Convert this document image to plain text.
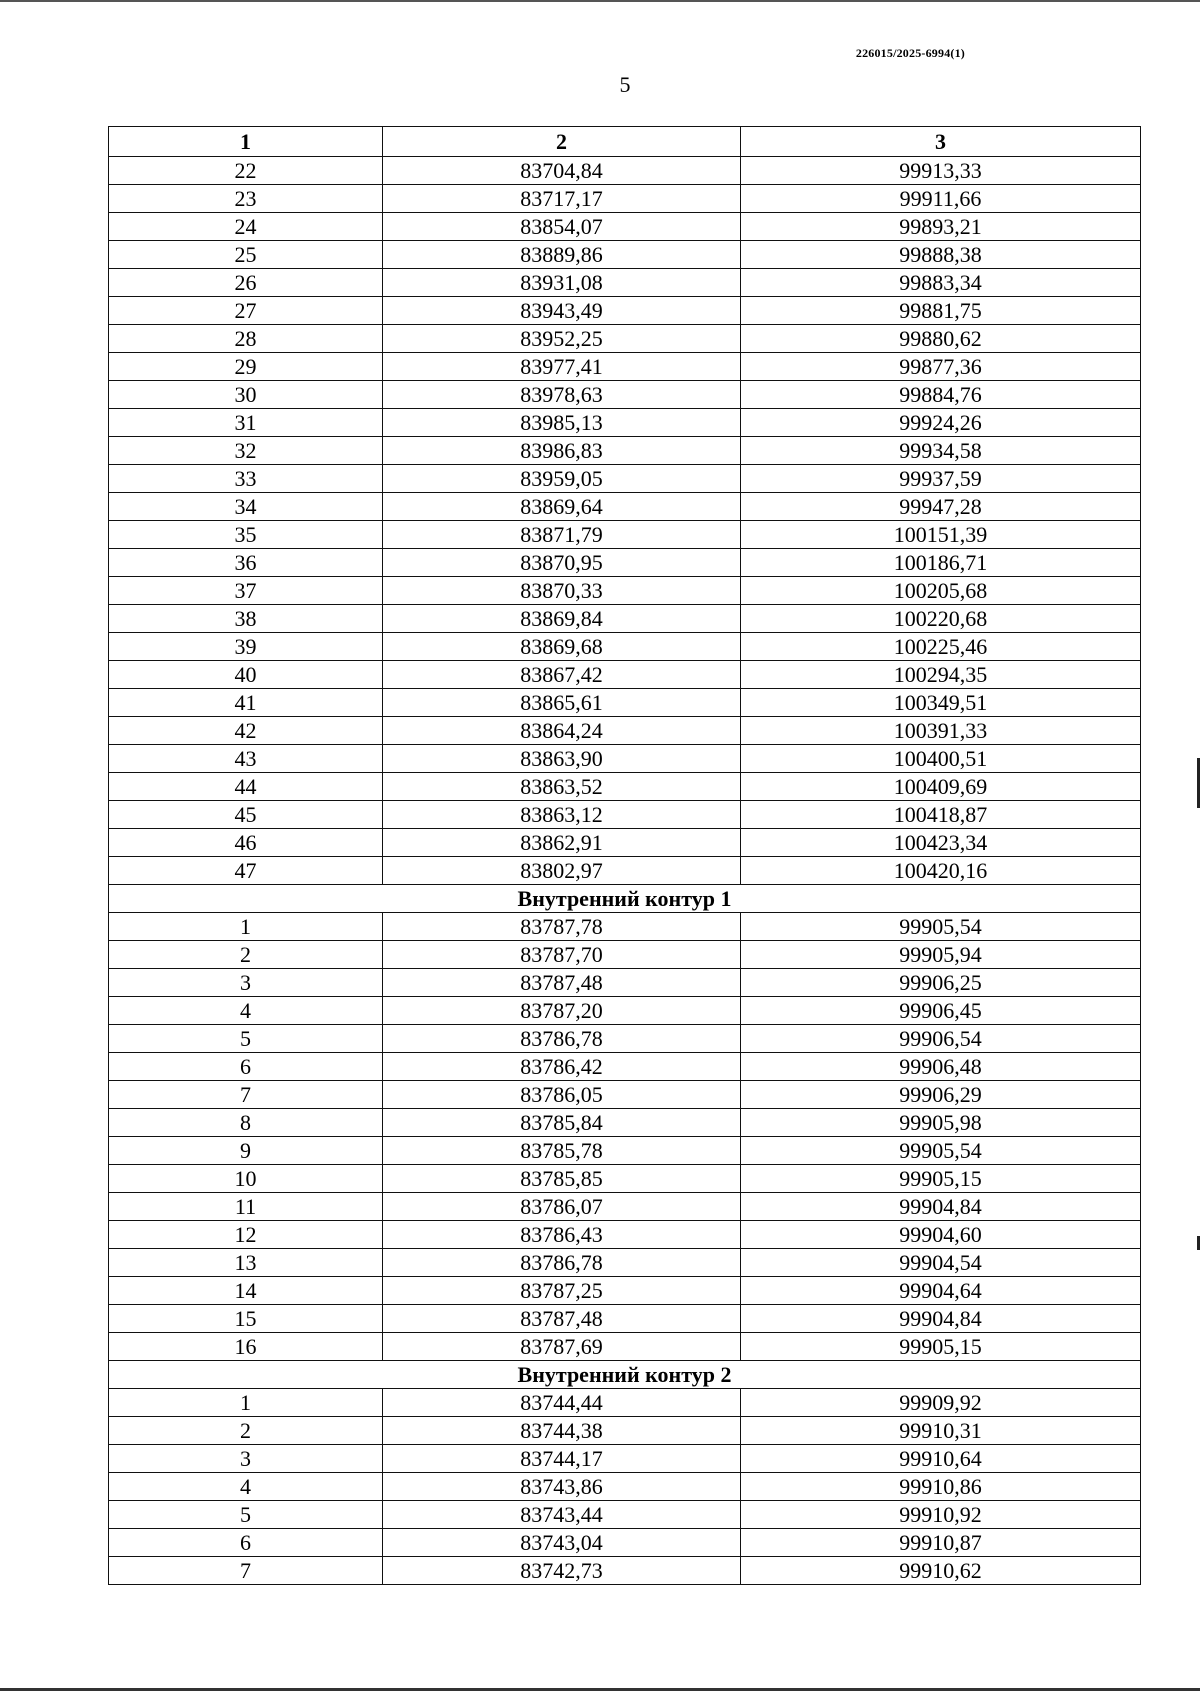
226015/2025-6994(1)
5
1	2	3
22	83704,84	99913,33
23	83717,17	99911,66
24	83854,07	99893,21
25	83889,86	99888,38
26	83931,08	99883,34
27	83943,49	99881,75
28	83952,25	99880,62
29	83977,41	99877,36
30	83978,63	99884,76
31	83985,13	99924,26
32	83986,83	99934,58
33	83959,05	99937,59
34	83869,64	99947,28
35	83871,79	100151,39
36	83870,95	100186,71
37	83870,33	100205,68
38	83869,84	100220,68
39	83869,68	100225,46
40	83867,42	100294,35
41	83865,61	100349,51
42	83864,24	100391,33
43	83863,90	100400,51
44	83863,52	100409,69
45	83863,12	100418,87
46	83862,91	100423,34
47	83802,97	100420,16
Внутренний контур 1		
1	83787,78	99905,54
2	83787,70	99905,94
3	83787,48	99906,25
4	83787,20	99906,45
5	83786,78	99906,54
6	83786,42	99906,48
7	83786,05	99906,29
8	83785,84	99905,98
9	83785,78	99905,54
10	83785,85	99905,15
11	83786,07	99904,84
12	83786,43	99904,60
13	83786,78	99904,54
14	83787,25	99904,64
15	83787,48	99904,84
16	83787,69	99905,15
Внутренний контур 2		
1	83744,44	99909,92
2	83744,38	99910,31
3	83744,17	99910,64
4	83743,86	99910,86
5	83743,44	99910,92
6	83743,04	99910,87
7	83742,73	99910,62
